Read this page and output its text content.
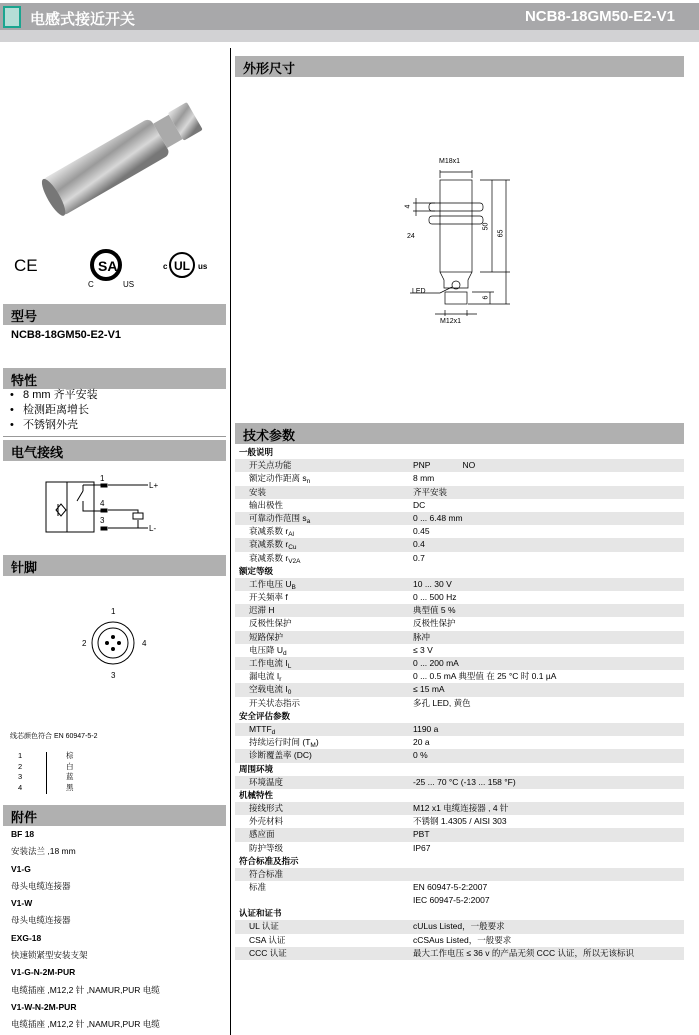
电感式接近开关	NCB8-18GM50-E2-V1
CE	SA
C	US
c UL us
型号
NCB8-18GM50-E2-V1
特性
•   8 mm 齐平安装
•   检测距离增长
•   不锈钢外壳
电气接线
1
4
3
L+
L-
针脚
1
2
3
4
线芯颜色符合 EN 60947-5-2
1	棕
2	白
3	蓝
4	黑
附件
BF 18
安装法兰 ,18 mm
V1-G
母头电缆连接器
V1-W
母头电缆连接器
EXG-18
快速锁紧型安装支架
V1-G-N-2M-PUR
电缆插座 ,M12,2 针 ,NAMUR,PUR 电缆
V1-W-N-2M-PUR
电缆插座 ,M12,2 针 ,NAMUR,PUR 电缆
外形尺寸
M18x1
4
24
50
65
LED
6
M12x1
技术参数
一般说明
开关点功能	PNP	NO
额定动作距离 $s_n$	8 mm
安装	齐平安装
输出极性	DC
可靠动作范围 $s_a$	0 ... 6.48 mm
衰减系数 $r_{Al}$	0.45
衰减系数 $r_{Cu}$	0.4
衰减系数 $r_{V2A}$	0.7
额定等级
工作电压 $U_B$	10 ... 30 V
开关频率 f	0 ... 500 Hz
迟滞 H	典型值 5 %
反极性保护	反极性保护
短路保护	脉冲
电压降 $U_d$	≤ 3 V
工作电流 $I_L$	0 ... 200 mA
漏电流 $I_r$	0 ... 0.5 mA 典型值 在 25 °C 时 0.1 µA
空载电流 $I_0$	≤ 15 mA
开关状态指示	多孔 LED, 黄色
安全评估参数
$MTTF_d$	1190 a
持续运行时间 $(T_M)$	20 a
诊断覆盖率 (DC)	0 %
周围环境
环境温度	-25 ... 70 °C (-13 ... 158 °F)
机械特性
接线形式	M12 x1 电缆连接器 , 4 针
外壳材料	不锈钢 1.4305 / AISI 303
感应面	PBT
防护等级	IP67
符合标准及指示
符合标准
标准	EN 60947-5-2:2007
IEC 60947-5-2:2007
认证和证书
UL 认证	cULus Listed，一般要求
CSA 认证	cCSAus Listed，一般要求
CCC 认证	最大工作电压 ≤ 36 v 的产品无须 CCC 认证，所以无该标识
